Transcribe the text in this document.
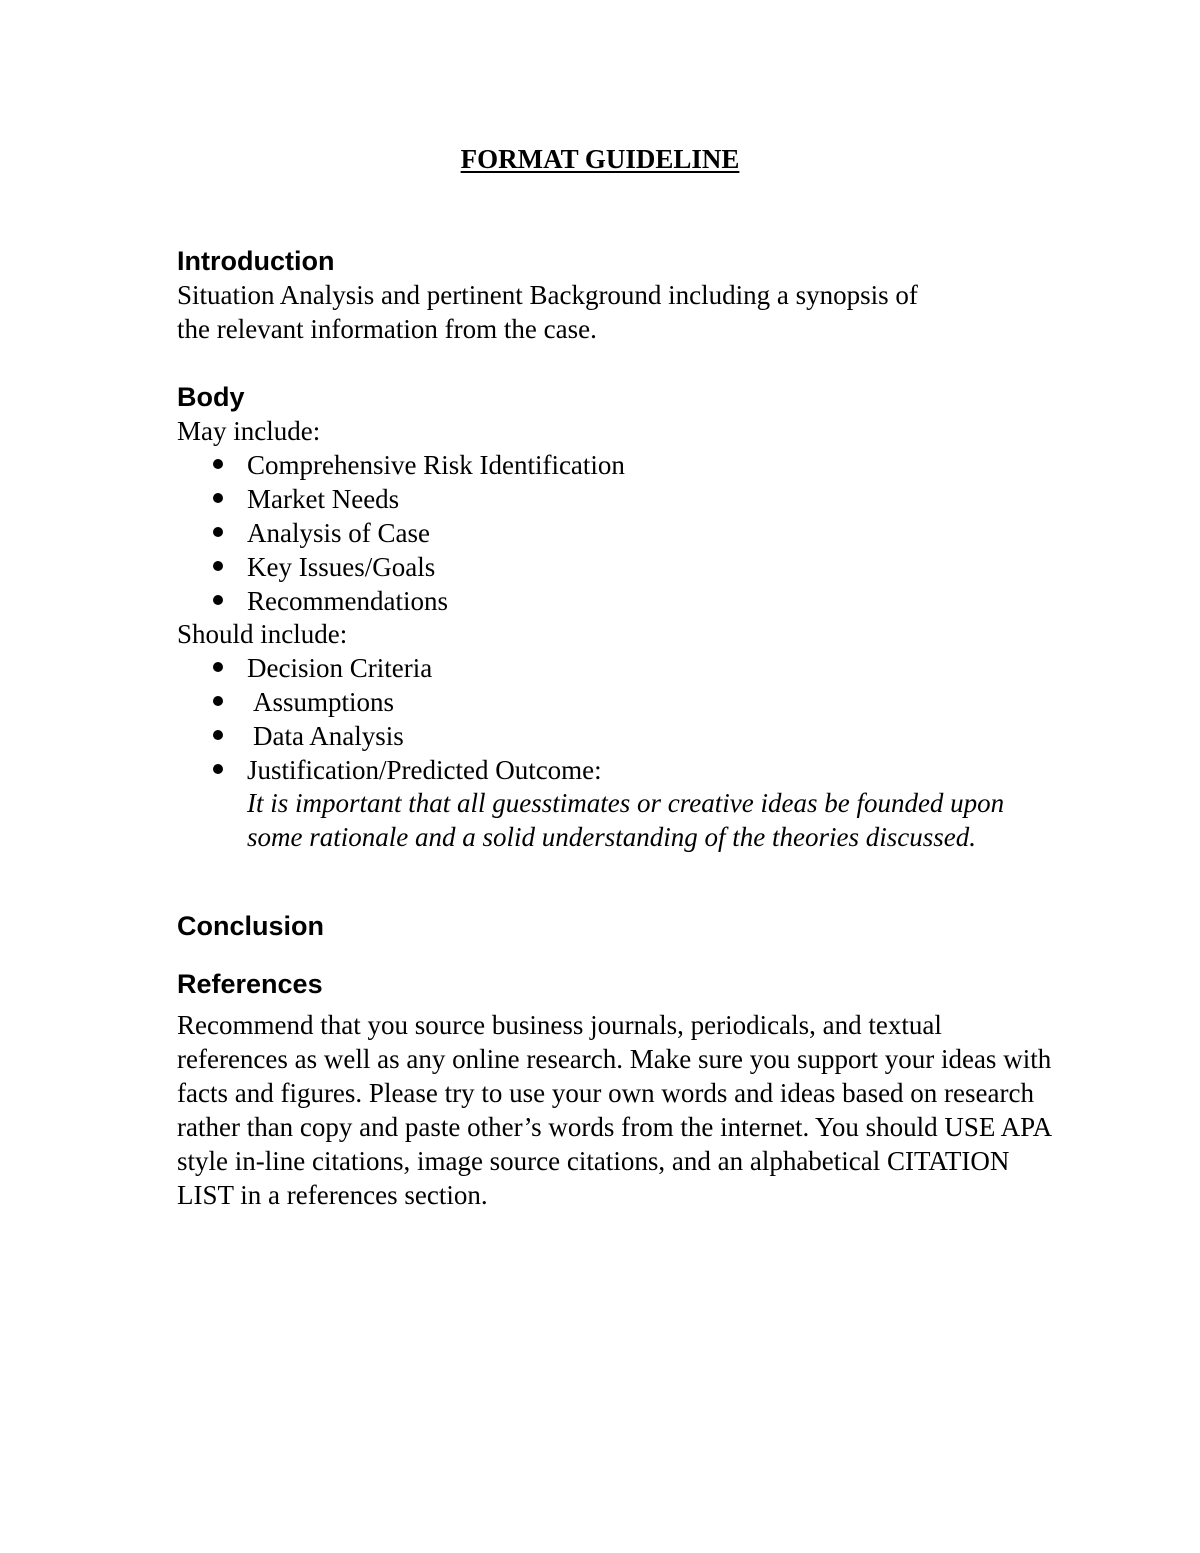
FORMAT GUIDELINE
Introduction

Situation Analysis and pertinent Background including a synopsis of

the relevant information from the case.

Body

May include:

Comprehensive Risk Identification

Market Needs

Analysis of Case

Key Issues/Goals

Recommendations

Should include:

Decision Criteria

Assumptions

Data Analysis

Justification/Predicted Outcome:

It is important that all guesstimates or creative ideas be founded upon some rationale and a solid understanding of the theories discussed.

Conclusion
References

Recommend that you source business journals, periodicals, and textual references as well as any online research. Make sure you support your ideas with facts and figures. Please try to use your own words and ideas based on research rather than copy and paste other’s words from the internet. You should USE APA style in-line citations, image source citations, and an alphabetical CITATION LIST in a references section.
